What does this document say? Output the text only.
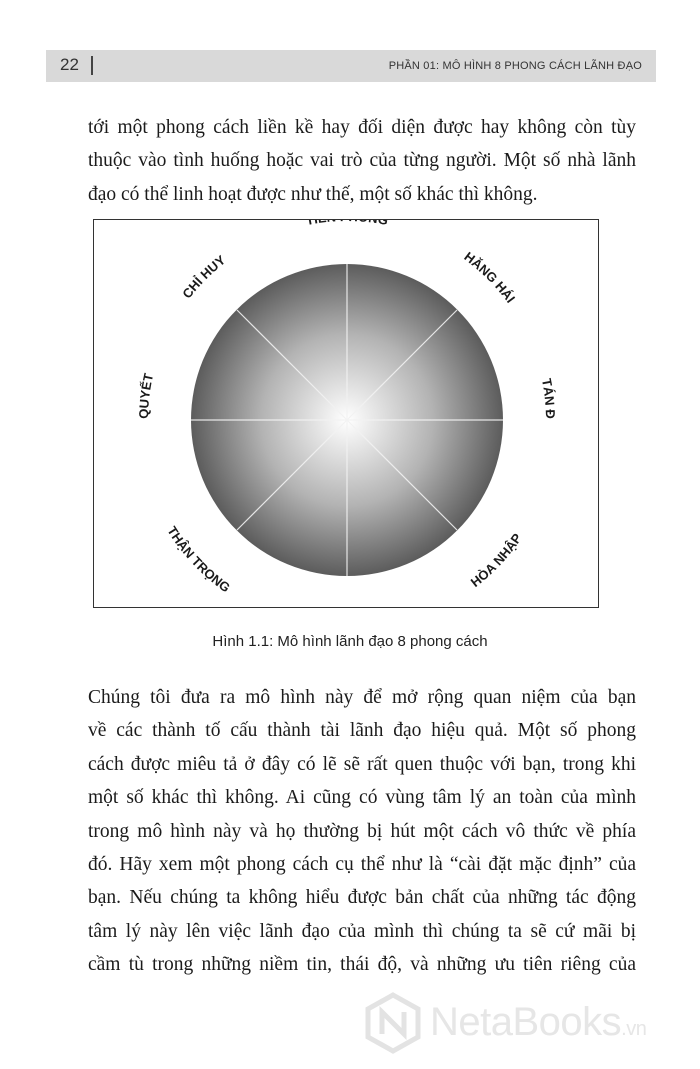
22	PHẦN 01: MÔ HÌNH 8 PHONG CÁCH LÃNH ĐẠO

tới một phong cách liền kề hay đối diện được hay không còn tùy
thuộc vào tình huống hoặc vai trò của từng người. Một số nhà lãnh
đạo có thể linh hoạt được như thế, một số khác thì không.

HĂNG HÁI
TÁN Đ
CHỈ HUY
QUYẾT
THẬN TRỌNG	HÒA NHẬP
Hình 1.1: Mô hình lãnh đạo 8 phong cách

Chúng tôi đưa ra mô hình này để mở rộng quan niệm của bạn
về các thành tố cấu thành tài lãnh đạo hiệu quả. Một số phong
cách được miêu tả ở đây có lẽ sẽ rất quen thuộc với bạn, trong khi
một số khác thì không. Ai cũng có vùng tâm lý an toàn của mình
trong mô hình này và họ thường bị hút một cách vô thức về phía
đó. Hãy xem một phong cách cụ thể như là “cài đặt mặc định” của
bạn. Nếu chúng ta không hiểu được bản chất của những tác động
tâm lý này lên việc lãnh đạo của mình thì chúng ta sẽ cứ mãi bị
cầm tù trong những niềm tin, thái độ, và những ưu tiên riêng của

NetaBooks.vn
